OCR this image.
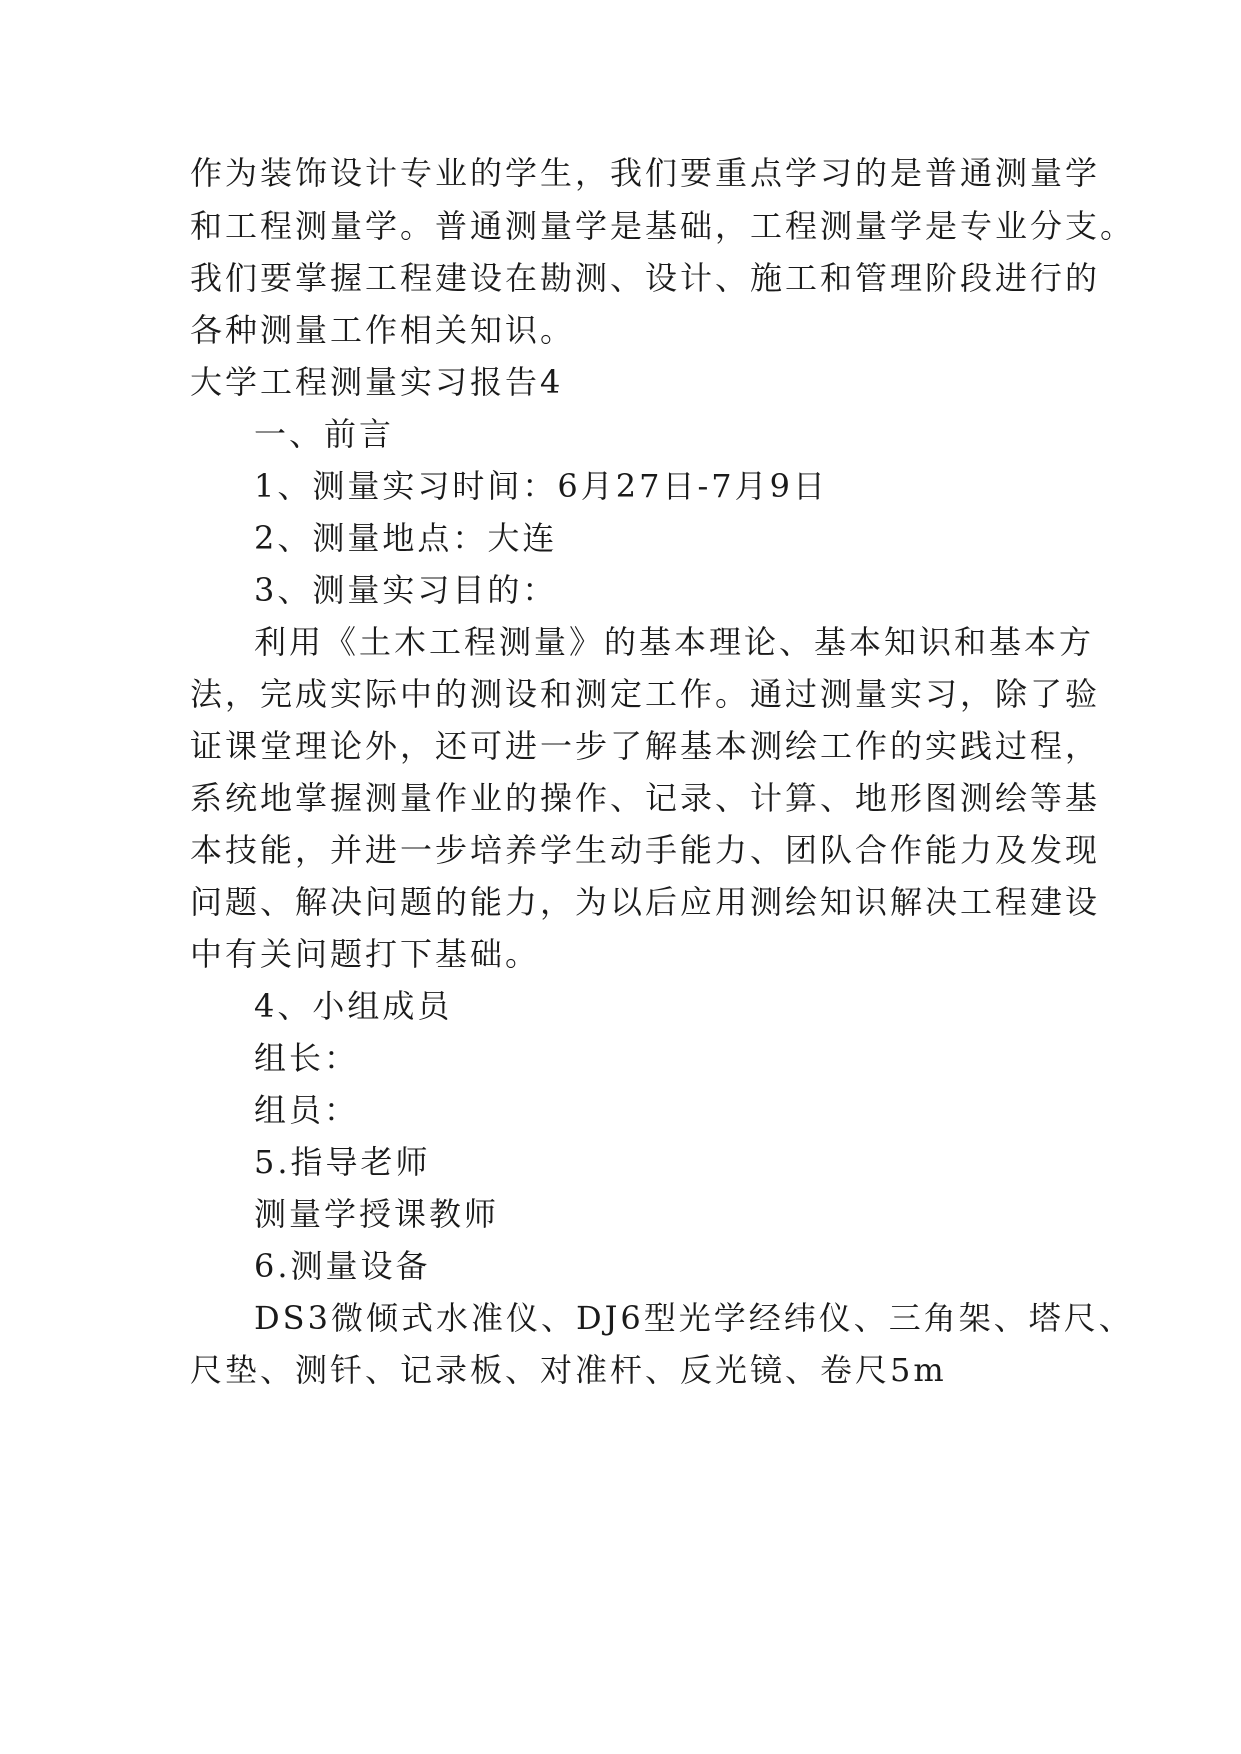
作为装饰设计专业的学生，我们要重点学习的是普通测量学
和工程测量学。普通测量学是基础，工程测量学是专业分支。
我们要掌握工程建设在勘测、设计、施工和管理阶段进行的
各种测量工作相关知识。
大学工程测量实习报告4
一、前言
1、测量实习时间：6月27日-7月9日
2、测量地点：大连
3、测量实习目的：
利用《土木工程测量》的基本理论、基本知识和基本方
法，完成实际中的测设和测定工作。通过测量实习，除了验
证课堂理论外，还可进一步了解基本测绘工作的实践过程，
系统地掌握测量作业的操作、记录、计算、地形图测绘等基
本技能，并进一步培养学生动手能力、团队合作能力及发现
问题、解决问题的能力，为以后应用测绘知识解决工程建设
中有关问题打下基础。
4、小组成员
组长：
组员：
5.指导老师
测量学授课教师
6.测量设备
DS3微倾式水准仪、DJ6型光学经纬仪、三角架、塔尺、
尺垫、测钎、记录板、对准杆、反光镜、卷尺5m
